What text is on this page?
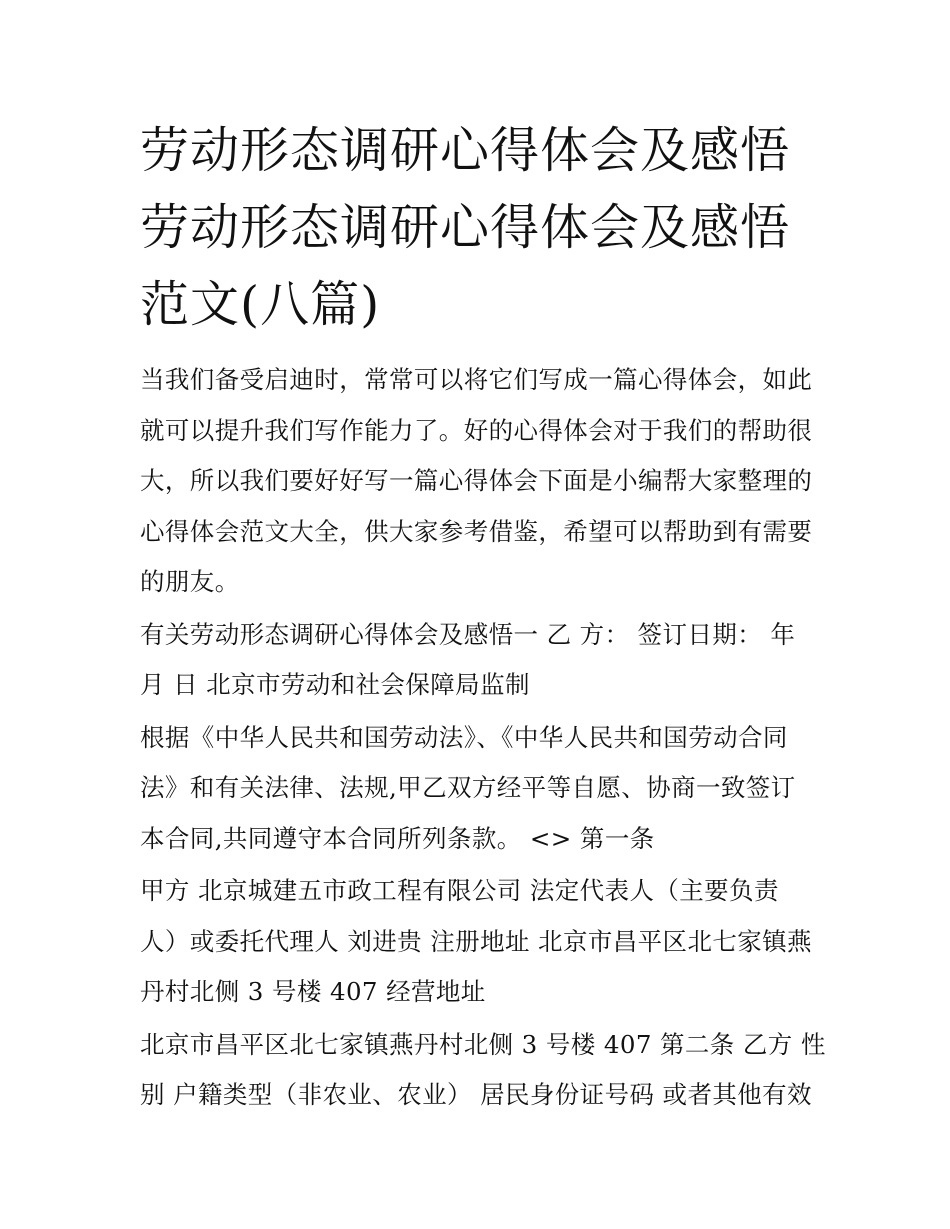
劳动形态调研心得体会及感悟
劳动形态调研心得体会及感悟
范文(八篇)

当我们备受启迪时，常常可以将它们写成一篇心得体会，如此
就可以提升我们写作能力了。好的心得体会对于我们的帮助很
大，所以我们要好好写一篇心得体会下面是小编帮大家整理的
心得体会范文大全，供大家参考借鉴，希望可以帮助到有需要
的朋友。

有关劳动形态调研心得体会及感悟一 乙 方： 签订日期： 年
月 日 北京市劳动和社会保障局监制

根据《中华人民共和国劳动法》、《中华人民共和国劳动合同
法》和有关法律、法规,甲乙双方经平等自愿、协商一致签订
本合同,共同遵守本合同所列条款。 <> 第一条

甲方 北京城建五市政工程有限公司 法定代表人（主要负责
人）或委托代理人 刘进贵 注册地址 北京市昌平区北七家镇燕
丹村北侧 3 号楼 407 经营地址

北京市昌平区北七家镇燕丹村北侧 3 号楼 407 第二条 乙方 性
别 户籍类型（非农业、农业） 居民身份证号码 或者其他有效
